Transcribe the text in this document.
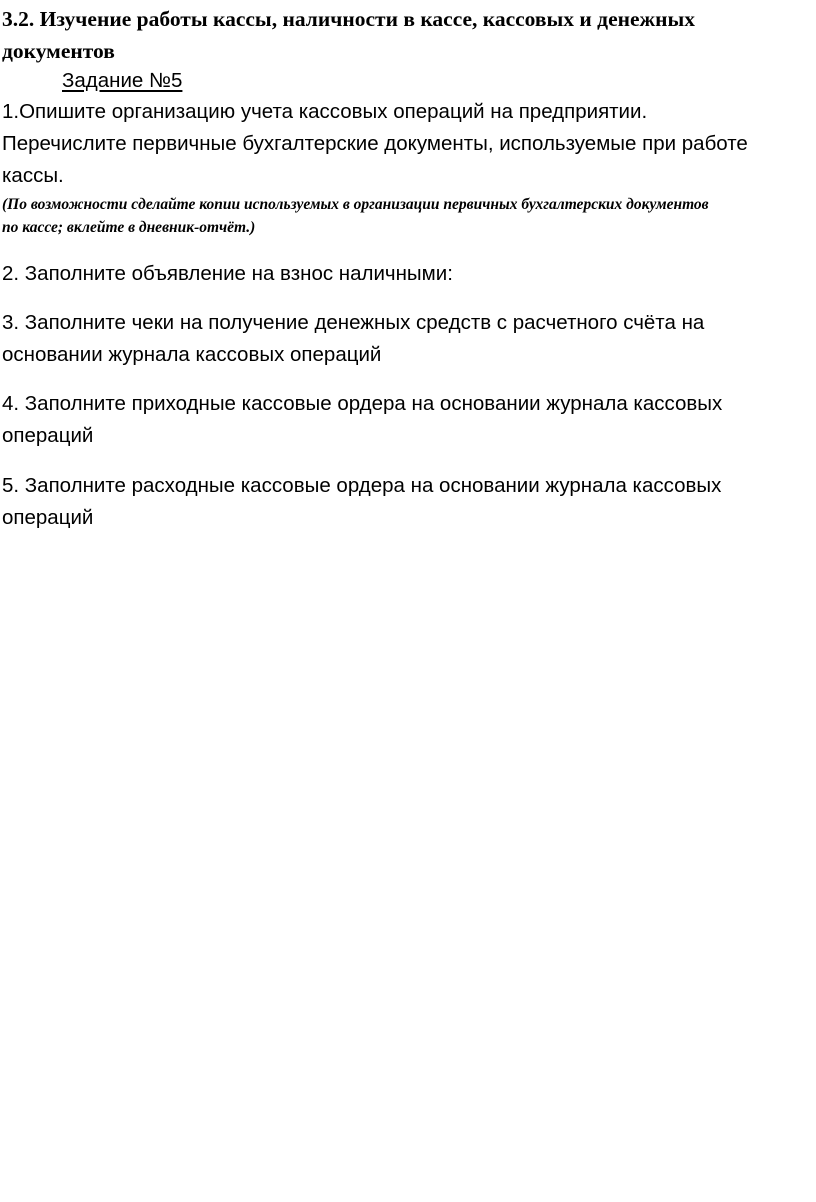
3.2. Изучение работы кассы, наличности в кассе, кассовых и денежных
документов

Задание №5

1.Опишите организацию учета кассовых операций на предприятии.
Перечислите первичные бухгалтерские документы, используемые при работе
кассы.

(По возможности сделайте копии используемых в организации первичных бухгалтерских документов
по кассе; вклейте в дневник-отчёт.)

2. Заполните объявление на взнос наличными:

3. Заполните чеки на получение денежных средств с расчетного счёта на
основании журнала кассовых операций

4. Заполните приходные кассовые ордера на основании журнала кассовых
операций

5. Заполните расходные кассовые ордера на основании журнала кассовых
операций
